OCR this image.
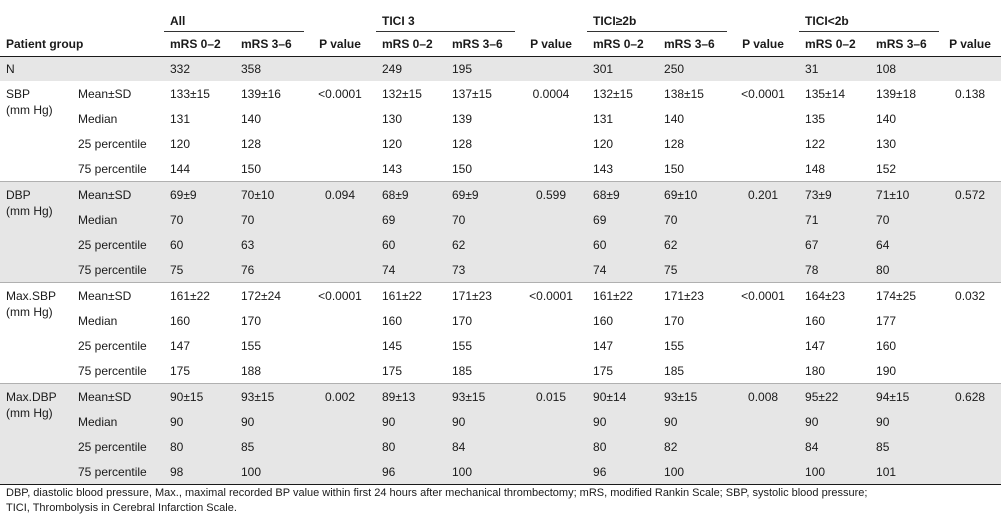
		All			TICI 3			TICI≥2b			TICI<2b		
Patient group		mRS 0–2	mRS 3–6	P value	mRS 0–2	mRS 3–6	P value	mRS 0–2	mRS 3–6	P value	mRS 0–2	mRS 3–6	P value
N		332	358		249	195		301	250		31	108	

SBP
(mm Hg)	Mean±SD	133±15	139±16	<0.0001	132±15	137±15	0.0004	132±15	138±15	<0.0001	135±14	139±18	0.138
	Median	131	140		130	139		131	140		135	140	
	25 percentile	120	128		120	128		120	128		122	130	
	75 percentile	144	150		143	150		143	150		148	152	

DBP
(mm Hg)	Mean±SD	69±9	70±10	0.094	68±9	69±9	0.599	68±9	69±10	0.201	73±9	71±10	0.572
	Median	70	70		69	70		69	70		71	70	
	25 percentile	60	63		60	62		60	62		67	64	
	75 percentile	75	76		74	73		74	75		78	80	

Max.SBP
(mm Hg)	Mean±SD	161±22	172±24	<0.0001	161±22	171±23	<0.0001	161±22	171±23	<0.0001	164±23	174±25	0.032
	Median	160	170		160	170		160	170		160	177	
	25 percentile	147	155		145	155		147	155		147	160	
	75 percentile	175	188		175	185		175	185		180	190	

Max.DBP
(mm Hg)	Mean±SD	90±15	93±15	0.002	89±13	93±15	0.015	90±14	93±15	0.008	95±22	94±15	0.628
	Median	90	90		90	90		90	90		90	90	
	25 percentile	80	85		80	84		80	82		84	85	
	75 percentile	98	100		96	100		96	100		100	101	
DBP, diastolic blood pressure, Max., maximal recorded BP value within first 24 hours after mechanical thrombectomy; mRS, modified Rankin Scale; SBP, systolic blood pressure;
TICI, Thrombolysis in Cerebral Infarction Scale.
